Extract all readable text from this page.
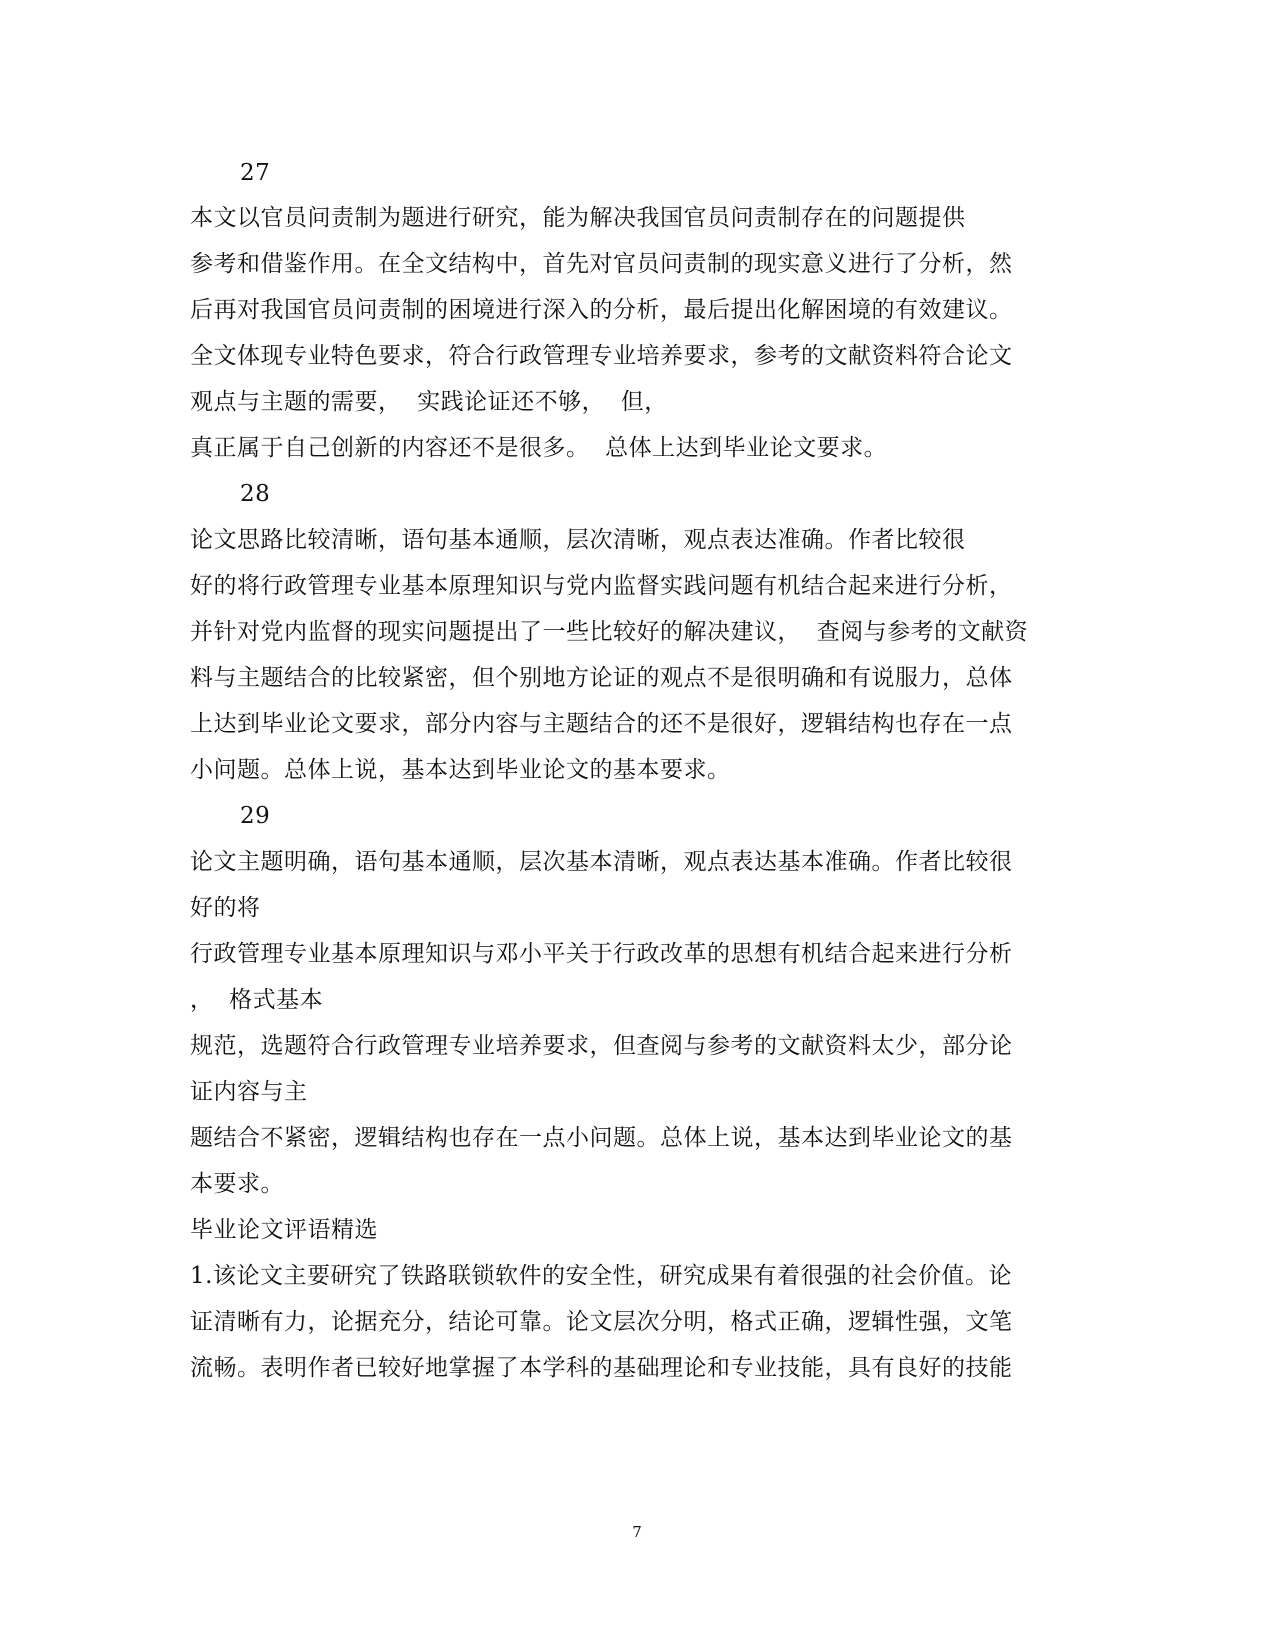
27
本文以官员问责制为题进行研究，能为解决我国官员问责制存在的问题提供
参考和借鉴作用。在全文结构中，首先对官员问责制的现实意义进行了分析，然
后再对我国官员问责制的困境进行深入的分析，最后提出化解困境的有效建议。
全文体现专业特色要求，符合行政管理专业培养要求，参考的文献资料符合论文
观点与主题的需要，  实践论证还不够，  但，
真正属于自己创新的内容还不是很多。  总体上达到毕业论文要求。
28
论文思路比较清晰，语句基本通顺，层次清晰，观点表达准确。作者比较很
好的将行政管理专业基本原理知识与党内监督实践问题有机结合起来进行分析，
并针对党内监督的现实问题提出了一些比较好的解决建议，  查阅与参考的文献资
料与主题结合的比较紧密，但个别地方论证的观点不是很明确和有说服力，总体
上达到毕业论文要求，部分内容与主题结合的还不是很好，逻辑结构也存在一点
小问题。总体上说，基本达到毕业论文的基本要求。
29
论文主题明确，语句基本通顺，层次基本清晰，观点表达基本准确。作者比较很
好的将
行政管理专业基本原理知识与邓小平关于行政改革的思想有机结合起来进行分析
，  格式基本
规范，选题符合行政管理专业培养要求，但查阅与参考的文献资料太少，部分论
证内容与主
题结合不紧密，逻辑结构也存在一点小问题。总体上说，基本达到毕业论文的基
本要求。
毕业论文评语精选
1.该论文主要研究了铁路联锁软件的安全性，研究成果有着很强的社会价值。论
证清晰有力，论据充分，结论可靠。论文层次分明，格式正确，逻辑性强，文笔
流畅。表明作者已较好地掌握了本学科的基础理论和专业技能，具有良好的技能
7
